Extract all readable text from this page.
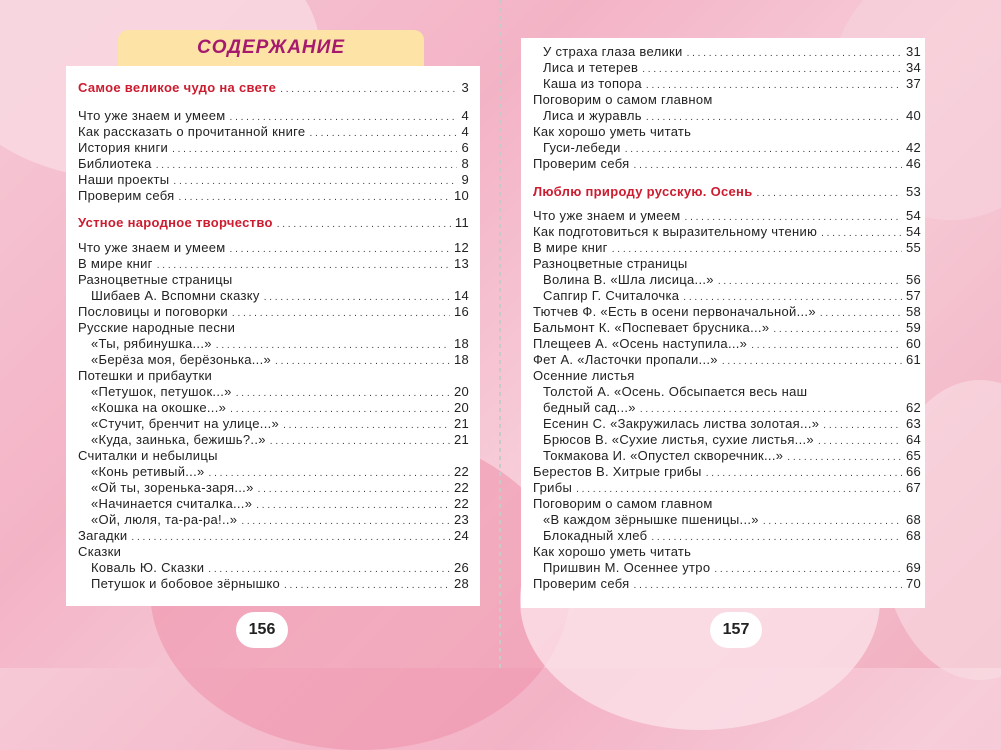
СОДЕРЖАНИЕ
Самое великое чудо на свете . . .	3
Что уже знаем и умеем . . .	4
Как рассказать о прочитанной книге . . .	4
История книги . . .	6
Библиотека . . .	8
Наши проекты . . .	9
Проверим себя . . .	10
Устное народное творчество . . .	11
Что уже знаем и умеем . . .	12
В мире книг . . .	13
Разноцветные страницы
Шибаев А. Вспомни сказку . . .	14
Пословицы и поговорки . . .	16
Русские народные песни
«Ты, рябинушка...» . . .	18
«Берёза моя, берёзонька...» . . .	18
Потешки и прибаутки
«Петушок, петушок...» . . .	20
«Кошка на окошке...» . . .	20
«Стучит, бренчит на улице...» . . .	21
«Куда, заинька, бежишь?..» . . .	21
Считалки и небылицы
«Конь ретивый...» . . .	22
«Ой ты, зоренька-заря...» . . .	22
«Начинается считалка...» . . .	22
«Ой, люля, та-ра-ра!..» . . .	23
Загадки . . .	24
Сказки
Коваль Ю. Сказки . . .	26
Петушок и бобовое зёрнышко . . .	28
У страха глаза велики . . .	31
Лиса и тетерев . . .	34
Каша из топора . . .	37
Поговорим о самом главном
Лиса и журавль . . .	40
Как хорошо уметь читать
Гуси-лебеди . . .	42
Проверим себя . . .	46
Люблю природу русскую. Осень . . .	53
Что уже знаем и умеем . . .	54
Как подготовиться к выразительному чтению . . .	54
В мире книг . . .	55
Разноцветные страницы
Волина В. «Шла лисица...» . . .	56
Сапгир Г. Считалочка . . .	57
Тютчев Ф. «Есть в осени первоначальной...» . . .	58
Бальмонт К. «Поспевает брусника...» . . .	59
Плещеев А. «Осень наступила...» . . .	60
Фет А. «Ласточки пропали...» . . .	61
Осенние листья
Толстой А. «Осень. Обсыпается весь наш
бедный сад...» . . .	62
Есенин С. «Закружилась листва золотая...» . . .	63
Брюсов В. «Сухие листья, сухие листья...» . . .	64
Токмакова И. «Опустел скворечник...» . . .	65
Берестов В. Хитрые грибы . . .	66
Грибы . . .	67
Поговорим о самом главном
«В каждом зёрнышке пшеницы...» . . .	68
Блокадный хлеб . . .	68
Как хорошо уметь читать
Пришвин М. Осеннее утро . . .	69
Проверим себя . . .	70
156	157
